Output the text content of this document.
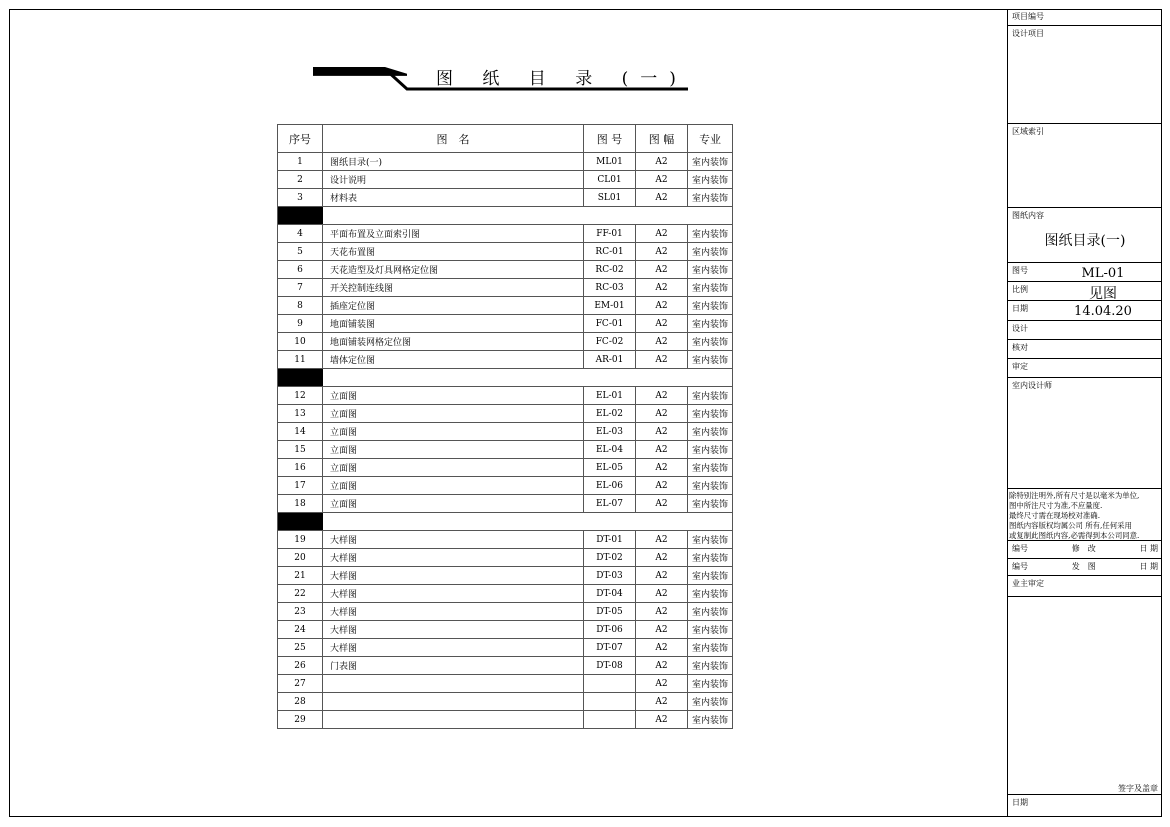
图 纸 目 录 (一)
序号	图　名	图 号	图 幅	专业
1	图纸目录(一)	ML01	A2	室内装饰
2	设计说明	CL01	A2	室内装饰
3	材料表	SL01	A2	室内装饰

4	平面布置及立面索引图	FF-01	A2	室内装饰
5	天花布置图	RC-01	A2	室内装饰
6	天花造型及灯具网格定位图	RC-02	A2	室内装饰
7	开关控制连线图	RC-03	A2	室内装饰
8	插座定位图	EM-01	A2	室内装饰
9	地面铺装图	FC-01	A2	室内装饰
10	地面铺装网格定位图	FC-02	A2	室内装饰
11	墙体定位图	AR-01	A2	室内装饰

12	立面图	EL-01	A2	室内装饰
13	立面图	EL-02	A2	室内装饰
14	立面图	EL-03	A2	室内装饰
15	立面图	EL-04	A2	室内装饰
16	立面图	EL-05	A2	室内装饰
17	立面图	EL-06	A2	室内装饰
18	立面图	EL-07	A2	室内装饰

19	大样图	DT-01	A2	室内装饰
20	大样图	DT-02	A2	室内装饰
21	大样图	DT-03	A2	室内装饰
22	大样图	DT-04	A2	室内装饰
23	大样图	DT-05	A2	室内装饰
24	大样图	DT-06	A2	室内装饰
25	大样图	DT-07	A2	室内装饰
26	门表图	DT-08	A2	室内装饰
27			A2	室内装饰
28			A2	室内装饰
29			A2	室内装饰
项目编号
设计项目
区域索引
图纸内容
图纸目录(一)
图号	ML-01
比例	见图
日期	14.04.20
设计
核对
审定
室内设计师
除特别注明外,所有尺寸是以毫米为单位,
图中所注尺寸为准,不应量度.
最终尺寸需在现场校对准确.
图纸内容版权均属公司 所有,任何采用
或复制此图纸内容,必需得到本公司同意.
编号	修　改	日 期
编号	发　图	日 期
业主审定
签字及盖章
日期
